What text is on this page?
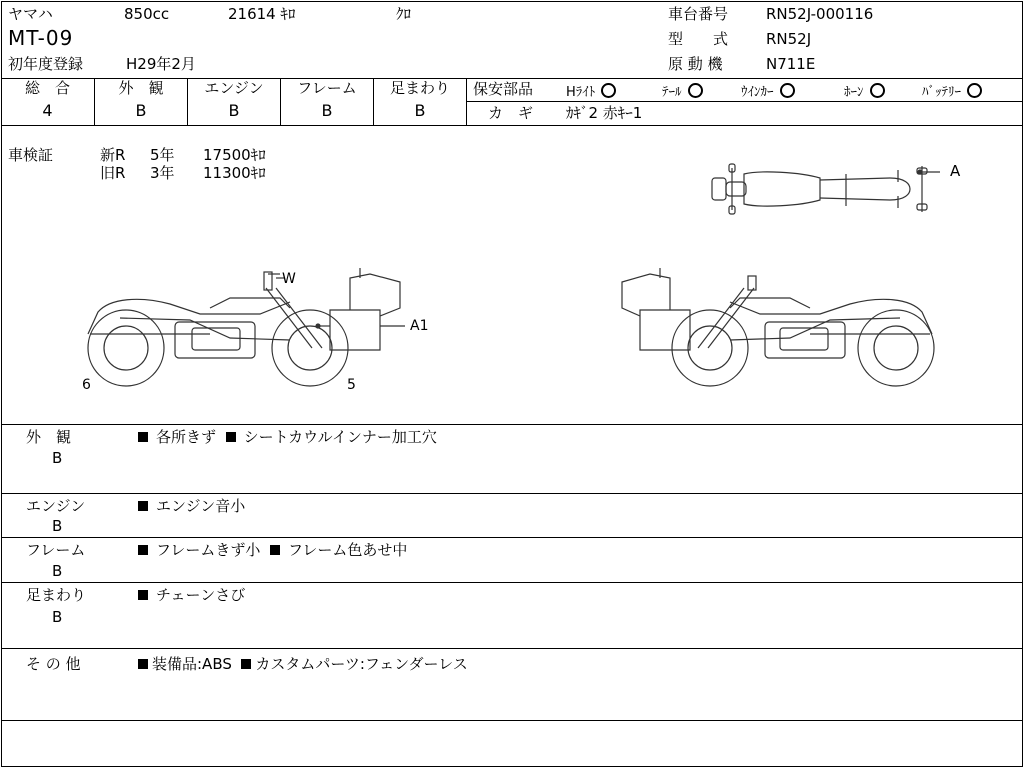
ヤマハ	850cc	21614 ｷﾛ	ｸﾛ
MT-09
初年度登録	H29年2月
車台番号	RN52J-000116
型　　式	RN52J
原 動 機	N711E
総　合
4
外　観
B
エンジン
B
フレーム
B
足まわり
B
保安部品	Hﾗｲﾄ	ﾃｰﾙ	ｳｲﾝｶｰ	ﾎｰﾝ	ﾊﾞｯﾃﾘｰ
カ　ギ ｶｷﾞ2 赤ｷｰ1
車検証	新R 5年 17500ｷﾛ
旧R 3年 11300ｷﾛ	A
W
A1
6	5
外　観
B
各所きず シートカウルインナー加工穴
エンジン
B
エンジン音小
フレーム
B
フレームきず小 フレーム色あせ中
足まわり
B
チェーンさび
そ の 他	装備品:ABS カスタムパーツ:フェンダーレス
